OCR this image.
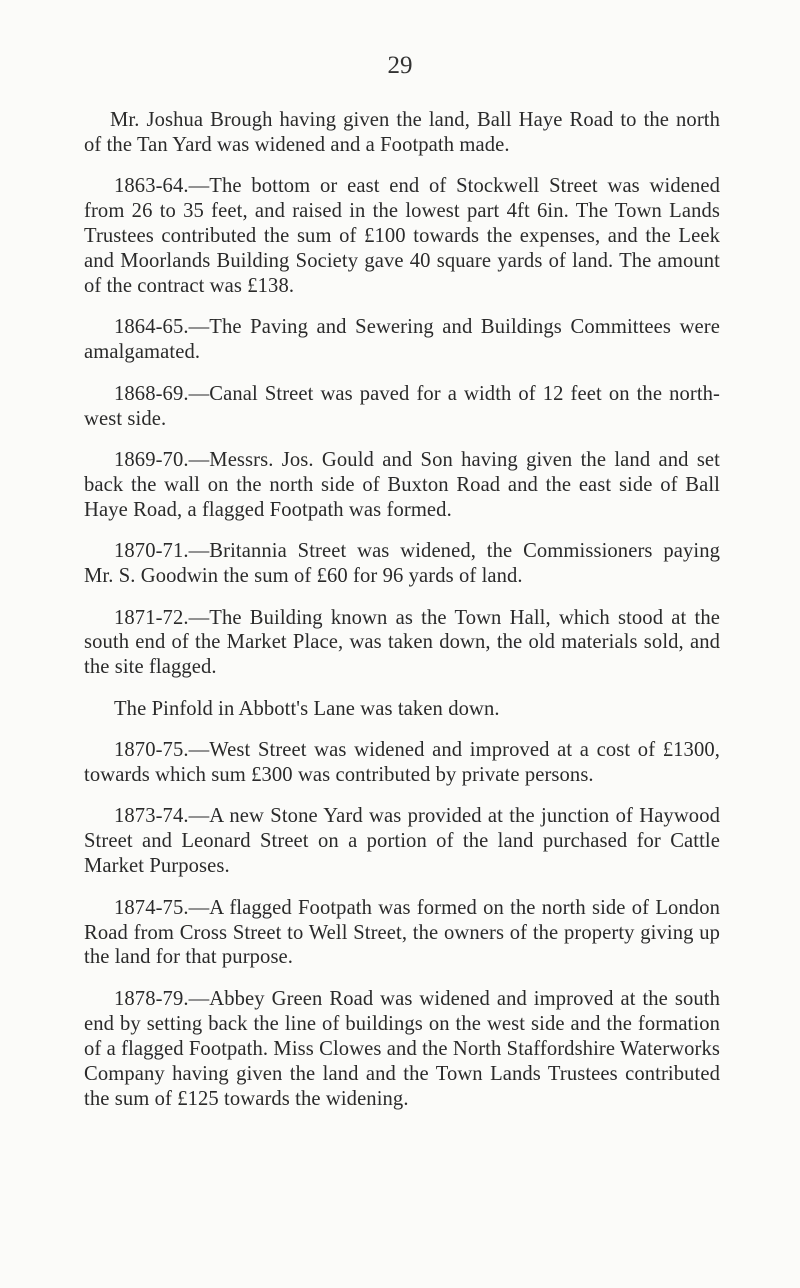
29

Mr. Joshua Brough having given the land, Ball Haye Road to the north of the Tan Yard was widened and a Footpath made.

1863-64.—The bottom or east end of Stockwell Street was widened from 26 to 35 feet, and raised in the lowest part 4ft 6in. The Town Lands Trustees contributed the sum of £100 towards the expenses, and the Leek and Moorlands Building Society gave 40 square yards of land. The amount of the contract was £138.

1864-65.—The Paving and Sewering and Buildings Committees were amalgamated.

1868-69.—Canal Street was paved for a width of 12 feet on the north-west side.

1869-70.—Messrs. Jos. Gould and Son having given the land and set back the wall on the north side of Buxton Road and the east side of Ball Haye Road, a flagged Footpath was formed.

1870-71.—Britannia Street was widened, the Commissioners paying Mr. S. Goodwin the sum of £60 for 96 yards of land.

1871-72.—The Building known as the Town Hall, which stood at the south end of the Market Place, was taken down, the old materials sold, and the site flagged.

The Pinfold in Abbott's Lane was taken down.

1870-75.—West Street was widened and improved at a cost of £1300, towards which sum £300 was contributed by private persons.

1873-74.—A new Stone Yard was provided at the junction of Haywood Street and Leonard Street on a portion of the land purchased for Cattle Market Purposes.

1874-75.—A flagged Footpath was formed on the north side of London Road from Cross Street to Well Street, the owners of the property giving up the land for that purpose.

1878-79.—Abbey Green Road was widened and improved at the south end by setting back the line of buildings on the west side and the formation of a flagged Footpath. Miss Clowes and the North Staffordshire Waterworks Company having given the land and the Town Lands Trustees contributed the sum of £125 towards the widening.
